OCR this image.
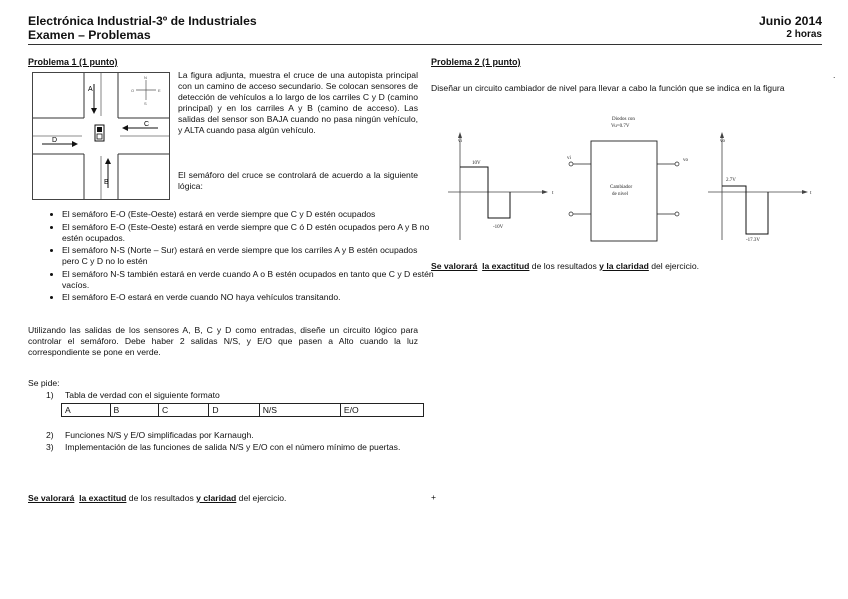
Electrónica Industrial-3º de Industriales
Examen – Problemas
Junio 2014
2 horas
Problema 1 (1 punto)
A
B
C
D
N
S
E
O
La figura adjunta, muestra el cruce de una autopista principal con un camino de acceso secundario. Se colocan sensores de detección de vehículos a lo largo de los carriles C y D (camino principal) y en los carriles A y B (camino de acceso). Las salidas del sensor son BAJA cuando no pasa ningún vehículo, y ALTA cuando pasa algún vehículo.
El semáforo del cruce se controlará de acuerdo a la siguiente lógica:
• El semáforo E-O (Este-Oeste) estará en verde siempre que C y D estén ocupados
• El semáforo E-O (Este-Oeste) estará en verde siempre que C ó D estén ocupados pero A y B no estén ocupados.
• El semáforo N-S (Norte – Sur) estará en verde siempre que los carriles A y B estén ocupados pero C y D no lo estén
• El semáforo N-S también estará en verde cuando A o B estén ocupados en tanto que C y D estén vacíos.
• El semáforo E-O estará en verde cuando NO haya vehículos transitando.
Utilizando las salidas de los sensores A, B, C y D como entradas, diseñe un circuito lógico para controlar el semáforo. Debe haber 2 salidas N/S, y E/O que pasen a Alto cuando la luz correspondiente se pone en verde.
Se pide:
1) Tabla de verdad con el siguiente formato
A	B	C	D	N/S	E/O
2) Funciones N/S y E/O simplificadas por Karnaugh.
3) Implementación de las funciones de salida N/S y E/O con el número mínimo de puertas.
Se valorará la exactitud de los resultados y claridad del ejercicio.
Problema 2 (1 punto)
Diseñar un circuito cambiador de nivel para llevar a cabo la función que se indica en la figura
vi
t
10V
-10V
Diodos con
Vu=0.7V
Cambiador
de nivel
vi	vo
vo
t
2.7V
-17.3V
Se valorará la exactitud de los resultados y la claridad del ejercicio.
.
+
